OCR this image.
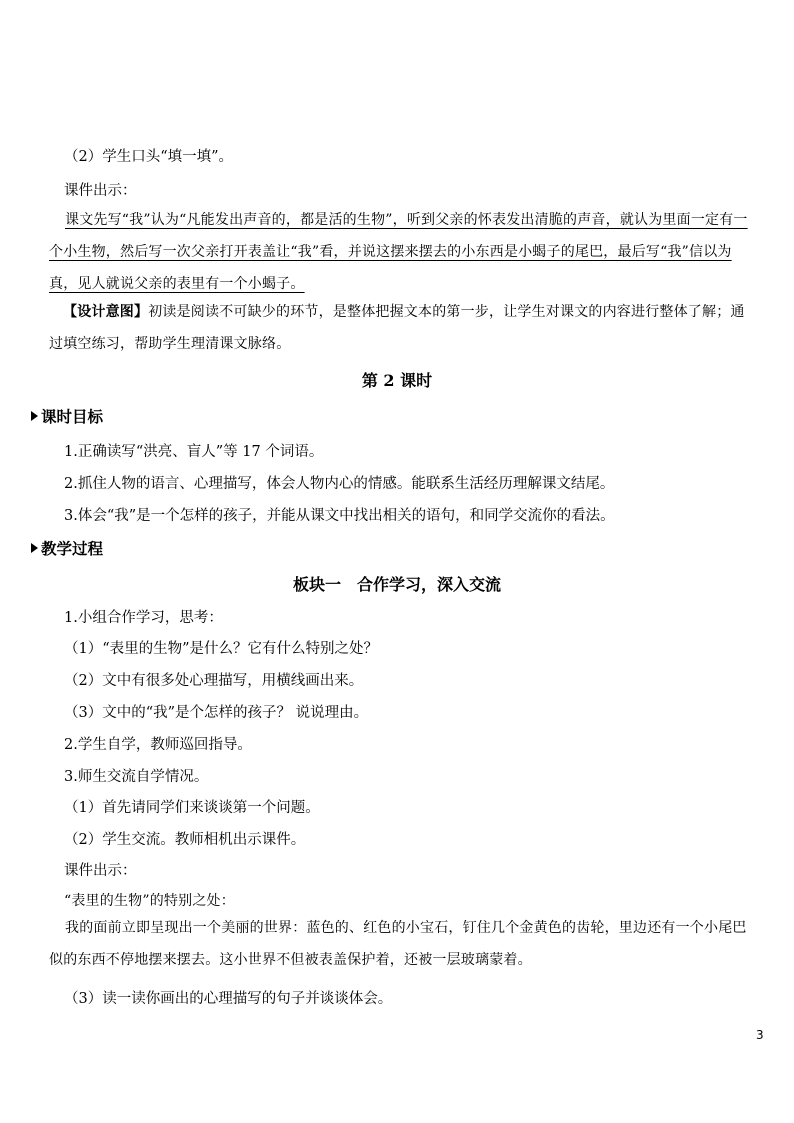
（2）学生口头“填一填”。
课件出示：
课文先写“我”认为“凡能发出声音的，都是活的生物”，听到父亲的怀表发出清脆的声音，就认为里面一定有一个小生物，然后写一次父亲打开表盖让“我”看，并说这摆来摆去的小东西是小蝎子的尾巴，最后写“我”信以为真，见人就说父亲的表里有一个小蝎子。
【设计意图】初读是阅读不可缺少的环节，是整体把握文本的第一步，让学生对课文的内容进行整体了解；通过填空练习，帮助学生理清课文脉络。
第 2 课时
课时目标
1.正确读写“洪亮、盲人”等 17 个词语。
2.抓住人物的语言、心理描写，体会人物内心的情感。能联系生活经历理解课文结尾。
3.体会“我”是一个怎样的孩子，并能从课文中找出相关的语句，和同学交流你的看法。
教学过程
板块一　合作学习，深入交流
1.小组合作学习，思考：
（1）“表里的生物”是什么？它有什么特别之处？
（2）文中有很多处心理描写，用横线画出来。
（3）文中的“我”是个怎样的孩子？ 说说理由。
2.学生自学，教师巡回指导。
3.师生交流自学情况。
（1）首先请同学们来谈谈第一个问题。
（2）学生交流。教师相机出示课件。
课件出示：
“表里的生物”的特别之处：
我的面前立即呈现出一个美丽的世界：蓝色的、红色的小宝石，钉住几个金黄色的齿轮，里边还有一个小尾巴似的东西不停地摆来摆去。这小世界不但被表盖保护着，还被一层玻璃蒙着。
（3）读一读你画出的心理描写的句子并谈谈体会。
3
